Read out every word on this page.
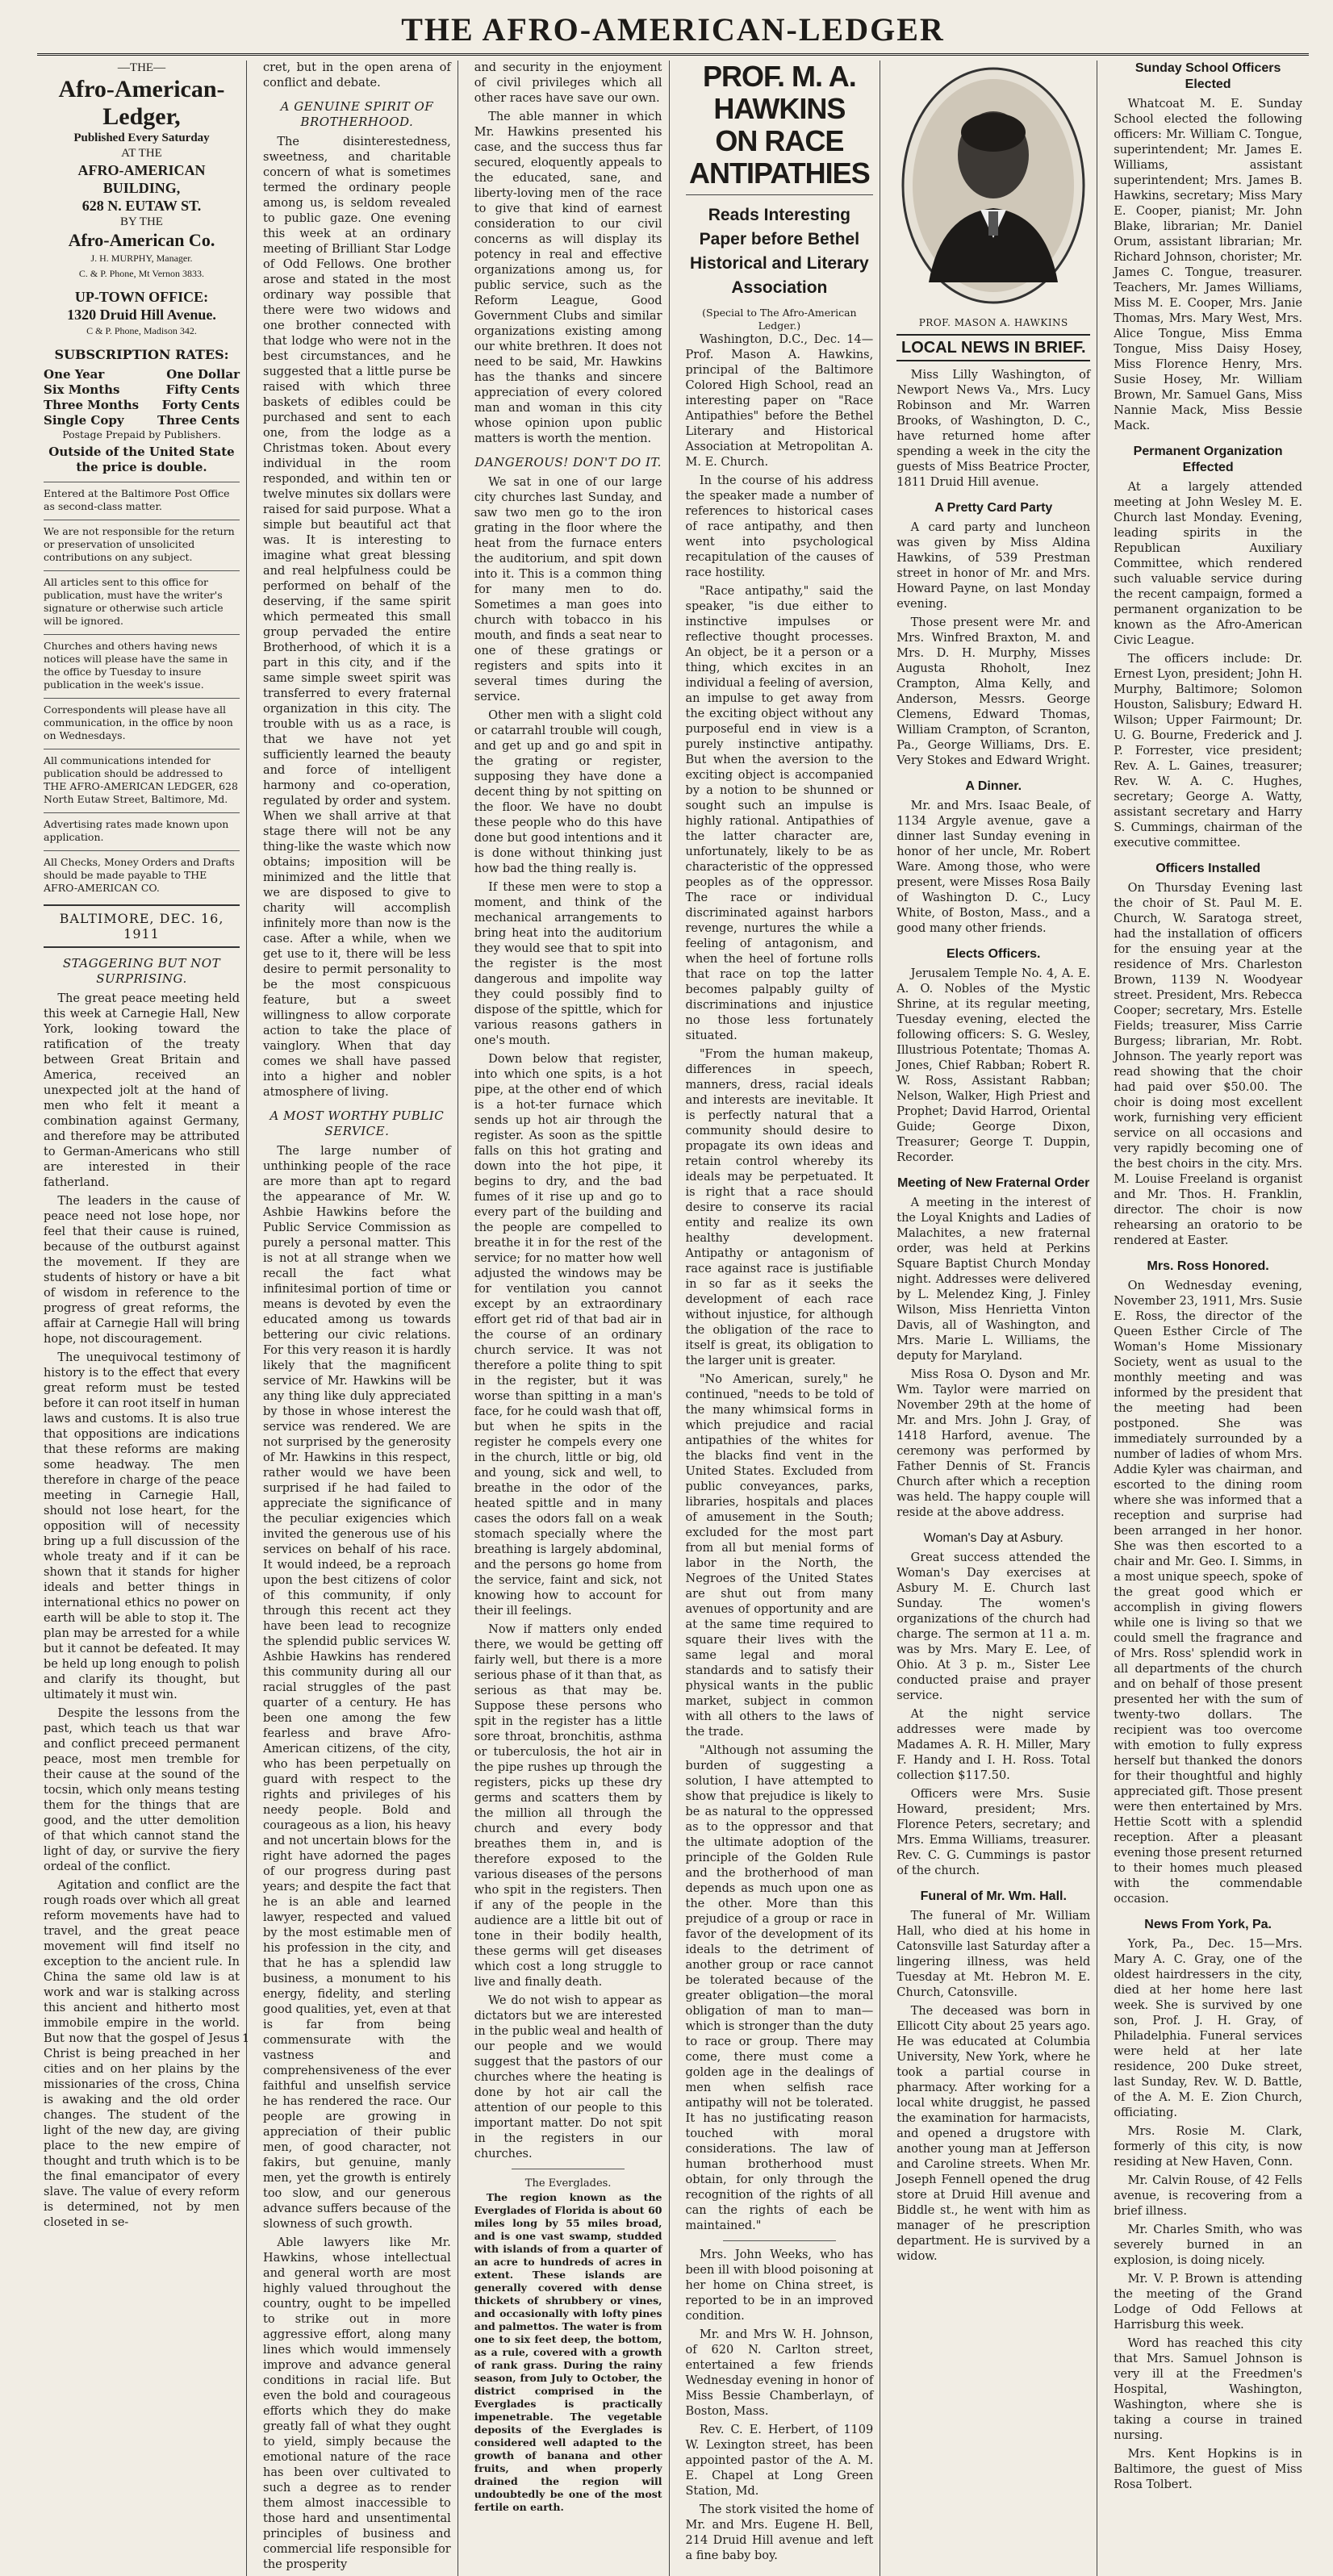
THE AFRO-AMERICAN-LEDGER
—THE—
Afro-American-Ledger,
Published Every Saturday
AT THE
AFRO-AMERICAN BUILDING,
628 N. EUTAW ST.
BY THE
Afro-American Co.
J. H. MURPHY, Manager.
C. & P. Phone, Mt Vernon 3833.
UP-TOWN OFFICE:
1320 Druid Hill Avenue.
C & P. Phone, Madison 342.
SUBSCRIPTION RATES:
One Year	One Dollar
Six Months	Fifty Cents
Three Months Forty Cents
Single Copy	Three Cents
Postage Prepaid by Publishers.
Outside of the United State the price is double.
Entered at the Baltimore Post Office as second-class matter.
We are not responsible for the return or preservation of unsolicited contributions on any subject.
All articles sent to this office for publication, must have the writer's signature or otherwise such article will be ignored.
Churches and others having news notices will please have the same in the office by Tuesday to insure publication in the week's issue.
Correspondents will please have all communication, in the office by noon on Wednesdays.
All communications intended for publication should be addressed to THE AFRO-AMERICAN LEDGER, 628 North Eutaw Street, Baltimore, Md.
Advertising rates made known upon application.
All Checks, Money Orders and Drafts should be made payable to THE AFRO-AMERICAN CO.
BALTIMORE, DEC. 16, 1911
STAGGERING BUT NOT SURPRISING.

The great peace meeting held this week at Carnegie Hall, New York, looking toward the ratification of the treaty between Great Britain and America, received an unexpected jolt at the hand of men who felt it meant a combination against Germany, and therefore may be attributed to German-Americans who still are interested in their fatherland.

The leaders in the cause of peace need not lose hope, nor feel that their cause is ruined, because of the outburst against the movement. If they are students of history or have a bit of wisdom in reference to the progress of great reforms, the affair at Carnegie Hall will bring hope, not discouragement.

The unequivocal testimony of history is to the effect that every great reform must be tested before it can root itself in human laws and customs. It is also true that oppositions are indications that these reforms are making some headway. The men therefore in charge of the peace meeting in Carnegie Hall, should not lose heart, for the opposition will of necessity bring up a full discussion of the whole treaty and if it can be shown that it stands for higher ideals and better things in international ethics no power on earth will be able to stop it. The plan may be arrested for a while but it cannot be defeated. It may be held up long enough to polish and clarify its thought, but ultimately it must win.

Despite the lessons from the past, which teach us that war and conflict preceed permanent peace, most men tremble for their cause at the sound of the tocsin, which only means testing them for the things that are good, and the utter demolition of that which cannot stand the light of day, or survive the fiery ordeal of the conflict.

Agitation and conflict are the rough roads over which all great reform movements have had to travel, and the great peace movement will find itself no exception to the ancient rule. In China the same old law is at work and war is stalking across this ancient and hitherto most immobile empire in the world. But now that the gospel of Jesus Christ is being preached in her cities and on her plains by the missionaries of the cross, China is awaking and the old order changes. The student of the light of the new day, are giving place to the new empire of thought and truth which is to be the final emancipator of every slave. The value of every reform is determined, not by men closeted in se-

cret, but in the open arena of conflict and debate.

A GENUINE SPIRIT OF BROTHERHOOD.

The disinterestedness, sweetness, and charitable concern of what is sometimes termed the ordinary people among us, is seldom revealed to public gaze. One evening this week at an ordinary meeting of Brilliant Star Lodge of Odd Fellows. One brother arose and stated in the most ordinary way possible that there were two widows and one brother connected with that lodge who were not in the best circumstances, and he suggested that a little purse be raised with which three baskets of edibles could be purchased and sent to each one, from the lodge as a Christmas token. About every individual in the room responded, and within ten or twelve minutes six dollars were raised for said purpose. What a simple but beautiful act that was. It is interesting to imagine what great blessing and real helpfulness could be performed on behalf of the deserving, if the same spirit which permeated this small group pervaded the entire Brotherhood, of which it is a part in this city, and if the same simple sweet spirit was transferred to every fraternal organization in this city. The trouble with us as a race, is that we have not yet sufficiently learned the beauty and force of intelligent harmony and co-operation, regulated by order and system. When we shall arrive at that stage there will not be any thing-like the waste which now obtains; imposition will be minimized and the little that we are disposed to give to charity will accomplish infinitely more than now is the case. After a while, when we get use to it, there will be less desire to permit personality to be the most conspicuous feature, but a sweet willingness to allow corporate action to take the place of vainglory. When that day comes we shall have passed into a higher and nobler atmosphere of living.

A MOST WORTHY PUBLIC SERVICE.

The large number of unthinking people of the race are more than apt to regard the appearance of Mr. W. Ashbie Hawkins before the Public Service Commission as purely a personal matter. This is not at all strange when we recall the fact what infinitesimal portion of time or means is devoted by even the educated among us towards bettering our civic relations. For this very reason it is hardly likely that the magnificent service of Mr. Hawkins will be any thing like duly appreciated by those in whose interest the service was rendered. We are not surprised by the generosity of Mr. Hawkins in this respect, rather would we have been surprised if he had failed to appreciate the significance of the peculiar exigencies which invited the generous use of his services on behalf of his race. It would indeed, be a reproach upon the best citizens of color of this community, if only through this recent act they have been lead to recognize the splendid public services W. Ashbie Hawkins has rendered this community during all our racial struggles of the past quarter of a century. He has been one among the few fearless and brave Afro-American citizens, of the city, who has been perpetually on guard with respect to the rights and privileges of his needy people. Bold and courageous as a lion, his heavy and not uncertain blows for the right have adorned the pages of our progress during past years; and despite the fact that he is an able and learned lawyer, respected and valued by the most estimable men of his profession in the city, and that he has a splendid law business, a monument to his energy, fidelity, and sterling good qualities, yet, even at that is far from being commensurate with the vastness and comprehensiveness of the ever faithful and unselfish service he has rendered the race. Our people are growing in appreciation of their public men, of good character, not fakirs, but genuine, manly men, yet the growth is entirely too slow, and our generous advance suffers because of the slowness of such growth.

Able lawyers like Mr. Hawkins, whose intellectual and general worth are most highly valued throughout the country, ought to be impelled to strike out in more aggressive effort, along many lines which would immensely improve and advance general conditions in racial life. But even the bold and courageous efforts which they do make greatly fall of what they ought to yield, simply because the emotional nature of the race has been over cultivated to such a degree as to render them almost inaccessible to those hard and unsentimental principles of business and commercial life responsible for the prosperity

and security in the enjoyment of civil privileges which all other races have save our own.

The able manner in which Mr. Hawkins presented his case, and the success thus far secured, eloquently appeals to the educated, sane, and liberty-loving men of the race to give that kind of earnest consideration to our civil concerns as will display its potency in real and effective organizations among us, for public service, such as the Reform League, Good Government Clubs and similar organizations existing among our white brethren. It does not need to be said, Mr. Hawkins has the thanks and sincere appreciation of every colored man and woman in this city whose opinion upon public matters is worth the mention.

DANGEROUS! DON'T DO IT.

We sat in one of our large city churches last Sunday, and saw two men go to the iron grating in the floor where the heat from the furnace enters the auditorium, and spit down into it. This is a common thing for many men to do. Sometimes a man goes into church with tobacco in his mouth, and finds a seat near to one of these gratings or registers and spits into it several times during the service.

Other men with a slight cold or catarrahl trouble will cough, and get up and go and spit in the grating or register, supposing they have done a decent thing by not spitting on the floor. We have no doubt these people who do this have done but good intentions and it is done without thinking just how bad the thing really is.

If these men were to stop a moment, and think of the mechanical arrangements to bring heat into the auditorium they would see that to spit into the register is the most dangerous and impolite way they could possibly find to dispose of the spittle, which for various reasons gathers in one's mouth.

Down below that register, into which one spits, is a hot pipe, at the other end of which is a hot-ter furnace which sends up hot air through the register. As soon as the spittle falls on this hot grating and down into the hot pipe, it begins to dry, and the bad fumes of it rise up and go to every part of the building and the people are compelled to breathe it in for the rest of the service; for no matter how well adjusted the windows may be for ventilation you cannot except by an extraordinary effort get rid of that bad air in the course of an ordinary church service. It was not therefore a polite thing to spit in the register, but it was worse than spitting in a man's face, for he could wash that off, but when he spits in the register he compels every one in the church, little or big, old and young, sick and well, to breathe in the odor of the heated spittle and in many cases the odors fall on a weak stomach specially where the breathing is largely abdominal, and the persons go home from the service, faint and sick, not knowing how to account for their ill feelings.

Now if matters only ended there, we would be getting off fairly well, but there is a more serious phase of it than that, as serious as that may be. Suppose these persons who spit in the register has a little sore throat, bronchitis, asthma or tuberculosis, the hot air in the pipe rushes up through the registers, picks up these dry germs and scatters them by the million all through the church and every body breathes them in, and is therefore exposed to the various diseases of the persons who spit in the registers. Then if any of the people in the audience are a little bit out of tone in their bodily health, these germs will get diseases which cost a long struggle to live and finally death.

We do not wish to appear as dictators but we are interested in the public weal and health of our people and we would suggest that the pastors of our churches where the heating is done by hot air call the attention of our people to this important matter. Do not spit in the registers in our churches.

The Everglades.

The region known as the Everglades of Florida is about 60 miles long by 55 miles broad, and is one vast swamp, studded with islands of from a quarter of an acre to hundreds of acres in extent. These islands are generally covered with dense thickets of shrubbery or vines, and occasionally with lofty pines and palmettos. The water is from one to six feet deep, the bottom, as a rule, covered with a growth of rank grass. During the rainy season, from July to October, the district comprised in the Everglades is practically impenetrable. The vegetable deposits of the Everglades is considered well adapted to the growth of banana and other fruits, and when properly drained the region will undoubtedly be one of the most fertile on earth.

PROF. M. A. HAWKINS
ON RACE ANTIPATHIES
Reads Interesting Paper before Bethel Historical and Literary Association
(Special to The Afro-American Ledger.)

Washington, D.C., Dec. 14—Prof. Mason A. Hawkins, principal of the Baltimore Colored High School, read an interesting paper on "Race Antipathies" before the Bethel Literary and Historical Association at Metropolitan A. M. E. Church.

In the course of his address the speaker made a number of references to historical cases of race antipathy, and then went into psychological recapitulation of the causes of race hostility.

"Race antipathy," said the speaker, "is due either to instinctive impulses or reflective thought processes. An object, be it a person or a thing, which excites in an individual a feeling of aversion, an impulse to get away from the exciting object without any purposeful end in view is a purely instinctive antipathy. But when the aversion to the exciting object is accompanied by a notion to be shunned or sought such an impulse is highly rational. Antipathies of the latter character are, unfortunately, likely to be as characteristic of the oppressed peoples as of the oppressor. The race or individual discriminated against harbors revenge, nurtures the while a feeling of antagonism, and when the heel of fortune rolls that race on top the latter becomes palpably guilty of discriminations and injustice no those less fortunately situated.

"From the human makeup, differences in speech, manners, dress, racial ideals and interests are inevitable. It is perfectly natural that a community should desire to propagate its own ideas and retain control whereby its ideals may be perpetuated. It is right that a race should desire to conserve its racial entity and realize its own healthy development. Antipathy or antagonism of race against race is justifiable in so far as it seeks the development of each race without injustice, for although the obligation of the race to itself is great, its obligation to the larger unit is greater.

"No American, surely," he continued, "needs to be told of the many whimsical forms in which prejudice and racial antipathies of the whites for the blacks find vent in the United States. Excluded from public conveyances, parks, libraries, hospitals and places of amusement in the South; excluded for the most part from all but menial forms of labor in the North, the Negroes of the United States are shut out from many avenues of opportunity and are at the same time required to square their lives with the same legal and moral standards and to satisfy their physical wants in the public market, subject in common with all others to the laws of the trade.

"Although not assuming the burden of suggesting a solution, I have attempted to show that prejudice is likely to be as natural to the oppressed as to the oppressor and that the ultimate adoption of the principle of the Golden Rule and the brotherhood of man depends as much upon one as the other. More than this prejudice of a group or race in favor of the development of its ideals to the detriment of another group or race cannot be tolerated because of the greater obligation—the moral obligation of man to man—which is stronger than the duty to race or group. There may come, there must come a golden age in the dealings of men when selfish race antipathy will not be tolerated. It has no justificating reason touched with moral considerations. The law of human brotherhood must obtain, for only through the recognition of the rights of all can the rights of each be maintained."

Mrs. John Weeks, who has been ill with blood poisoning at her home on China street, is reported to be in an improved condition.

Mr. and Mrs W. H. Johnson, of 620 N. Carlton street, entertained a few friends Wednesday evening in honor of Miss Bessie Chamberlayn, of Boston, Mass.

Rev. C. E. Herbert, of 1109 W. Lexington street, has been appointed pastor of the A. M. E. Chapel at Long Green Station, Md.

The stork visited the home of Mr. and Mrs. Eugene H. Bell, 214 Druid Hill avenue and left a fine baby boy.

PROF. MASON A. HAWKINS
LOCAL NEWS IN BRIEF.

Miss Lilly Washington, of Newport News Va., Mrs. Lucy Robinson and Mr. Warren Brooks, of Washington, D. C., have returned home after spending a week in the city the guests of Miss Beatrice Procter, 1811 Druid Hill avenue.

A Pretty Card Party

A card party and luncheon was given by Miss Aldina Hawkins, of 539 Prestman street in honor of Mr. and Mrs. Howard Payne, on last Monday evening.

Those present were Mr. and Mrs. Winfred Braxton, M. and Mrs. D. H. Murphy, Misses Augusta Rhoholt, Inez Crampton, Alma Kelly, and Anderson, Messrs. George Clemens, Edward Thomas, William Crampton, of Scranton, Pa., George Williams, Drs. E. Very Stokes and Edward Wright.

A Dinner.

Mr. and Mrs. Isaac Beale, of 1134 Argyle avenue, gave a dinner last Sunday evening in honor of her uncle, Mr. Robert Ware. Among those, who were present, were Misses Rosa Baily of Washington D. C., Lucy White, of Boston, Mass., and a good many other friends.

Elects Officers.

Jerusalem Temple No. 4, A. E. A. O. Nobles of the Mystic Shrine, at its regular meeting, Tuesday evening, elected the following officers: S. G. Wesley, Illustrious Potentate; Thomas A. Jones, Chief Rabban; Robert R. W. Ross, Assistant Rabban; Nelson, Walker, High Priest and Prophet; David Harrod, Oriental Guide; George Dixon, Treasurer; George T. Duppin, Recorder.

Meeting of New Fraternal Order

A meeting in the interest of the Loyal Knights and Ladies of Malachites, a new fraternal order, was held at Perkins Square Baptist Church Monday night. Addresses were delivered by L. Melendez King, J. Finley Wilson, Miss Henrietta Vinton Davis, all of Washington, and Mrs. Marie L. Williams, the deputy for Maryland.

Miss Rosa O. Dyson and Mr. Wm. Taylor were married on November 29th at the home of Mr. and Mrs. John J. Gray, of 1418 Harford, avenue. The ceremony was performed by Father Dennis of St. Francis Church after which a reception was held. The happy couple will reside at the above address.

Woman's Day at Asbury.

Great success attended the Woman's Day exercises at Asbury M. E. Church last Sunday. The women's organizations of the church had charge. The sermon at 11 a. m. was by Mrs. Mary E. Lee, of Ohio. At 3 p. m., Sister Lee conducted praise and prayer service.

At the night service addresses were made by Madames A. R. H. Miller, Mary F. Handy and I. H. Ross. Total collection $117.50.

Officers were Mrs. Susie Howard, president; Mrs. Florence Peters, secretary; and Mrs. Emma Williams, treasurer. Rev. C. G. Cummings is pastor of the church.

Funeral of Mr. Wm. Hall.

The funeral of Mr. William Hall, who died at his home in Catonsville last Saturday after a lingering illness, was held Tuesday at Mt. Hebron M. E. Church, Catonsville.

The deceased was born in Ellicott City about 25 years ago. He was educated at Columbia University, New York, where he took a partial course in pharmacy. After working for a local white druggist, he passed the examination for harmacists, and opened a drugstore with another young man at Jefferson and Caroline streets. When Mr. Joseph Fennell opened the drug store at Druid Hill avenue and Biddle st., he went with him as manager of he prescription department. He is survived by a widow.

Sunday School Officers Elected

Whatcoat M. E. Sunday School elected the following officers: Mr. William C. Tongue, superintendent; Mr. James E. Williams, assistant superintendent; Mrs. James B. Hawkins, secretary; Miss Mary E. Cooper, pianist; Mr. John Blake, librarian; Mr. Daniel Orum, assistant librarian; Mr. Richard Johnson, chorister; Mr. James C. Tongue, treasurer. Teachers, Mr. James Williams, Miss M. E. Cooper, Mrs. Janie Thomas, Mrs. Mary West, Mrs. Alice Tongue, Miss Emma Tongue, Miss Daisy Hosey, Miss Florence Henry, Mrs. Susie Hosey, Mr. William Brown, Mr. Samuel Gans, Miss Nannie Mack, Miss Bessie Mack.

Permanent Organization Effected

At a largely attended meeting at John Wesley M. E. Church last Monday. Evening, leading spirits in the Republican Auxiliary Committee, which rendered such valuable service during the recent campaign, formed a permanent organization to be known as the Afro-American Civic League.

The officers include: Dr. Ernest Lyon, president; John H. Murphy, Baltimore; Solomon Houston, Salisbury; Edward H. Wilson; Upper Fairmount; Dr. U. G. Bourne, Frederick and J. P. Forrester, vice president; Rev. A. L. Gaines, treasurer; Rev. W. A. C. Hughes, secretary; George A. Watty, assistant secretary and Harry S. Cummings, chairman of the executive committee.

Officers Installed

On Thursday Evening last the choir of St. Paul M. E. Church, W. Saratoga street, had the installation of officers for the ensuing year at the residence of Mrs. Charleston Brown, 1139 N. Woodyear street. President, Mrs. Rebecca Cooper; secretary, Mrs. Estelle Fields; treasurer, Miss Carrie Burgess; librarian, Mr. Robt. Johnson. The yearly report was read showing that the choir had paid over $50.00. The choir is doing most excellent work, furnishing very efficient service on all occasions and very rapidly becoming one of the best choirs in the city. Mrs. M. Louise Freeland is organist and Mr. Thos. H. Franklin, director. The choir is now rehearsing an oratorio to be rendered at Easter.

Mrs. Ross Honored.

On Wednesday evening, November 23, 1911, Mrs. Susie E. Ross, the director of the Queen Esther Circle of The Woman's Home Missionary Society, went as usual to the monthly meeting and was informed by the president that the meeting had been postponed. She was immediately surrounded by a number of ladies of whom Mrs. Addie Kyler was chairman, and escorted to the dining room where she was informed that a reception and surprise had been arranged in her honor. She was then escorted to a chair and Mr. Geo. I. Simms, in a most unique speech, spoke of the great good which er accomplish in giving flowers while one is living so that we could smell the fragrance and of Mrs. Ross' splendid work in all departments of the church and on behalf of those present presented her with the sum of twenty-two dollars. The recipient was too overcome with emotion to fully express herself but thanked the donors for their thoughtful and highly appreciated gift. Those present were then entertained by Mrs. Hettie Scott with a splendid reception. After a pleasant evening those present returned to their homes much pleased with the commendable occasion.

News From York, Pa.

York, Pa., Dec. 15—Mrs. Mary A. C. Gray, one of the oldest hairdressers in the city, died at her home here last week. She is survived by one son, Prof. J. H. Gray, of Philadelphia. Funeral services were held at her late residence, 200 Duke street, last Sunday, Rev. W. D. Battle, of the A. M. E. Zion Church, officiating.

Mrs. Rosie M. Clark, formerly of this city, is now residing at New Haven, Conn.

Mr. Calvin Rouse, of 42 Fells avenue, is recovering from a brief illness.

Mr. Charles Smith, who was severely burned in an explosion, is doing nicely.

Mr. V. P. Brown is attending the meeting of the Grand Lodge of Odd Fellows at Harrisburg this week.

Word has reached this city that Mrs. Samuel Johnson is very ill at the Freedmen's Hospital, Washington, Washington, where she is taking a course in trained nursing.

Mrs. Kent Hopkins is in Baltimore, the guest of Miss Rosa Tolbert.

1
